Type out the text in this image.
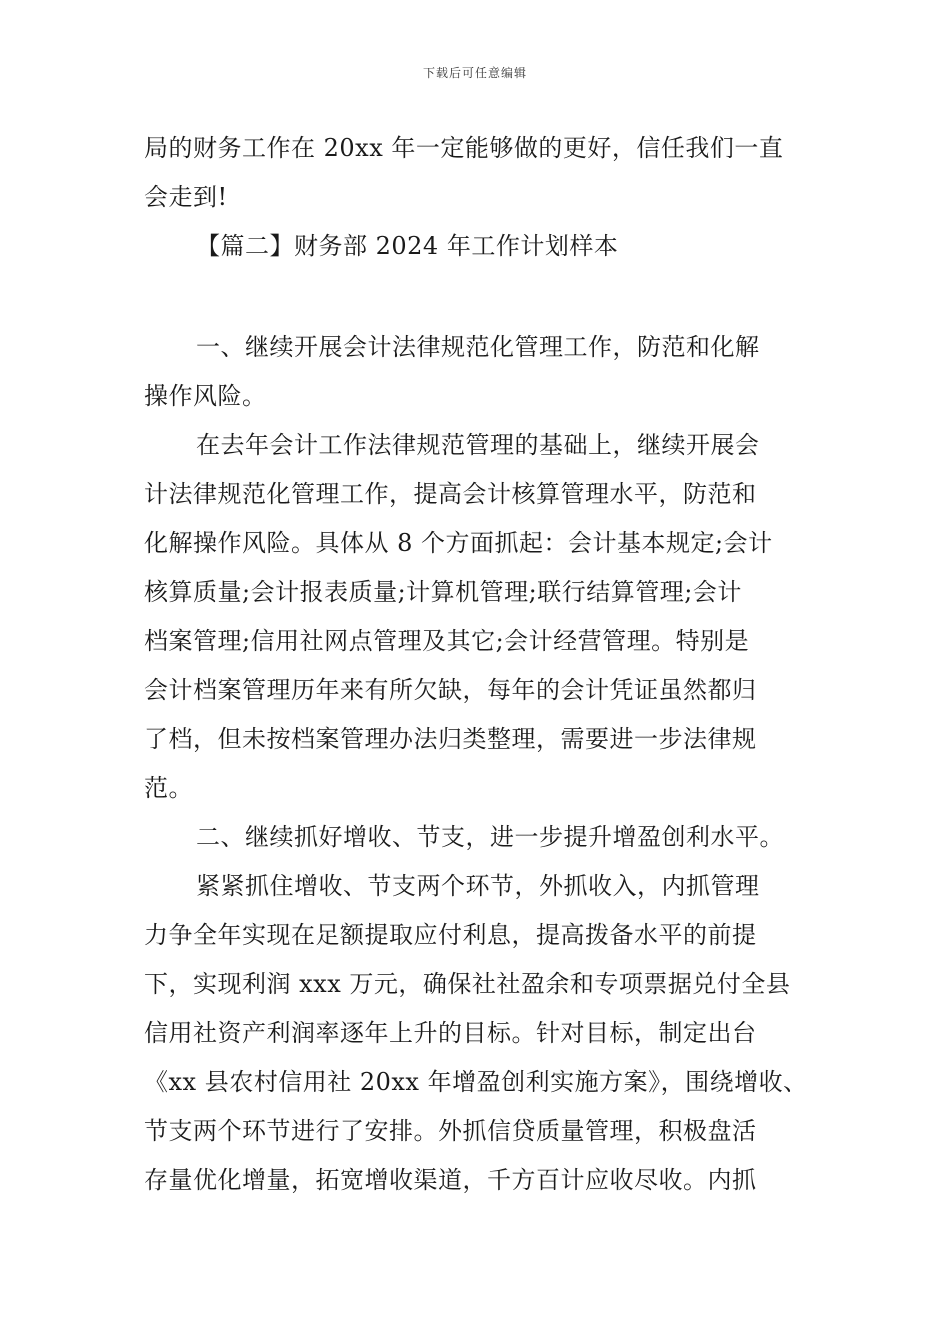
下载后可任意编辑
局的财务工作在 20xx 年一定能够做的更好，信任我们一直
会走到!
【篇二】财务部 2024 年工作计划样本
一、继续开展会计法律规范化管理工作，防范和化解
操作风险。
在去年会计工作法律规范管理的基础上，继续开展会
计法律规范化管理工作，提高会计核算管理水平，防范和
化解操作风险。具体从 8 个方面抓起：会计基本规定;会计
核算质量;会计报表质量;计算机管理;联行结算管理;会计
档案管理;信用社网点管理及其它;会计经营管理。特别是
会计档案管理历年来有所欠缺，每年的会计凭证虽然都归
了档，但未按档案管理办法归类整理，需要进一步法律规
范。
二、继续抓好增收、节支，进一步提升增盈创利水平。
紧紧抓住增收、节支两个环节，外抓收入，内抓管理
力争全年实现在足额提取应付利息，提高拨备水平的前提
下，实现利润 xxx 万元，确保社社盈余和专项票据兑付全县
信用社资产利润率逐年上升的目标。针对目标，制定出台
《xx 县农村信用社 20xx 年增盈创利实施方案》，围绕增收、
节支两个环节进行了安排。外抓信贷质量管理，积极盘活
存量优化增量，拓宽增收渠道，千方百计应收尽收。内抓
